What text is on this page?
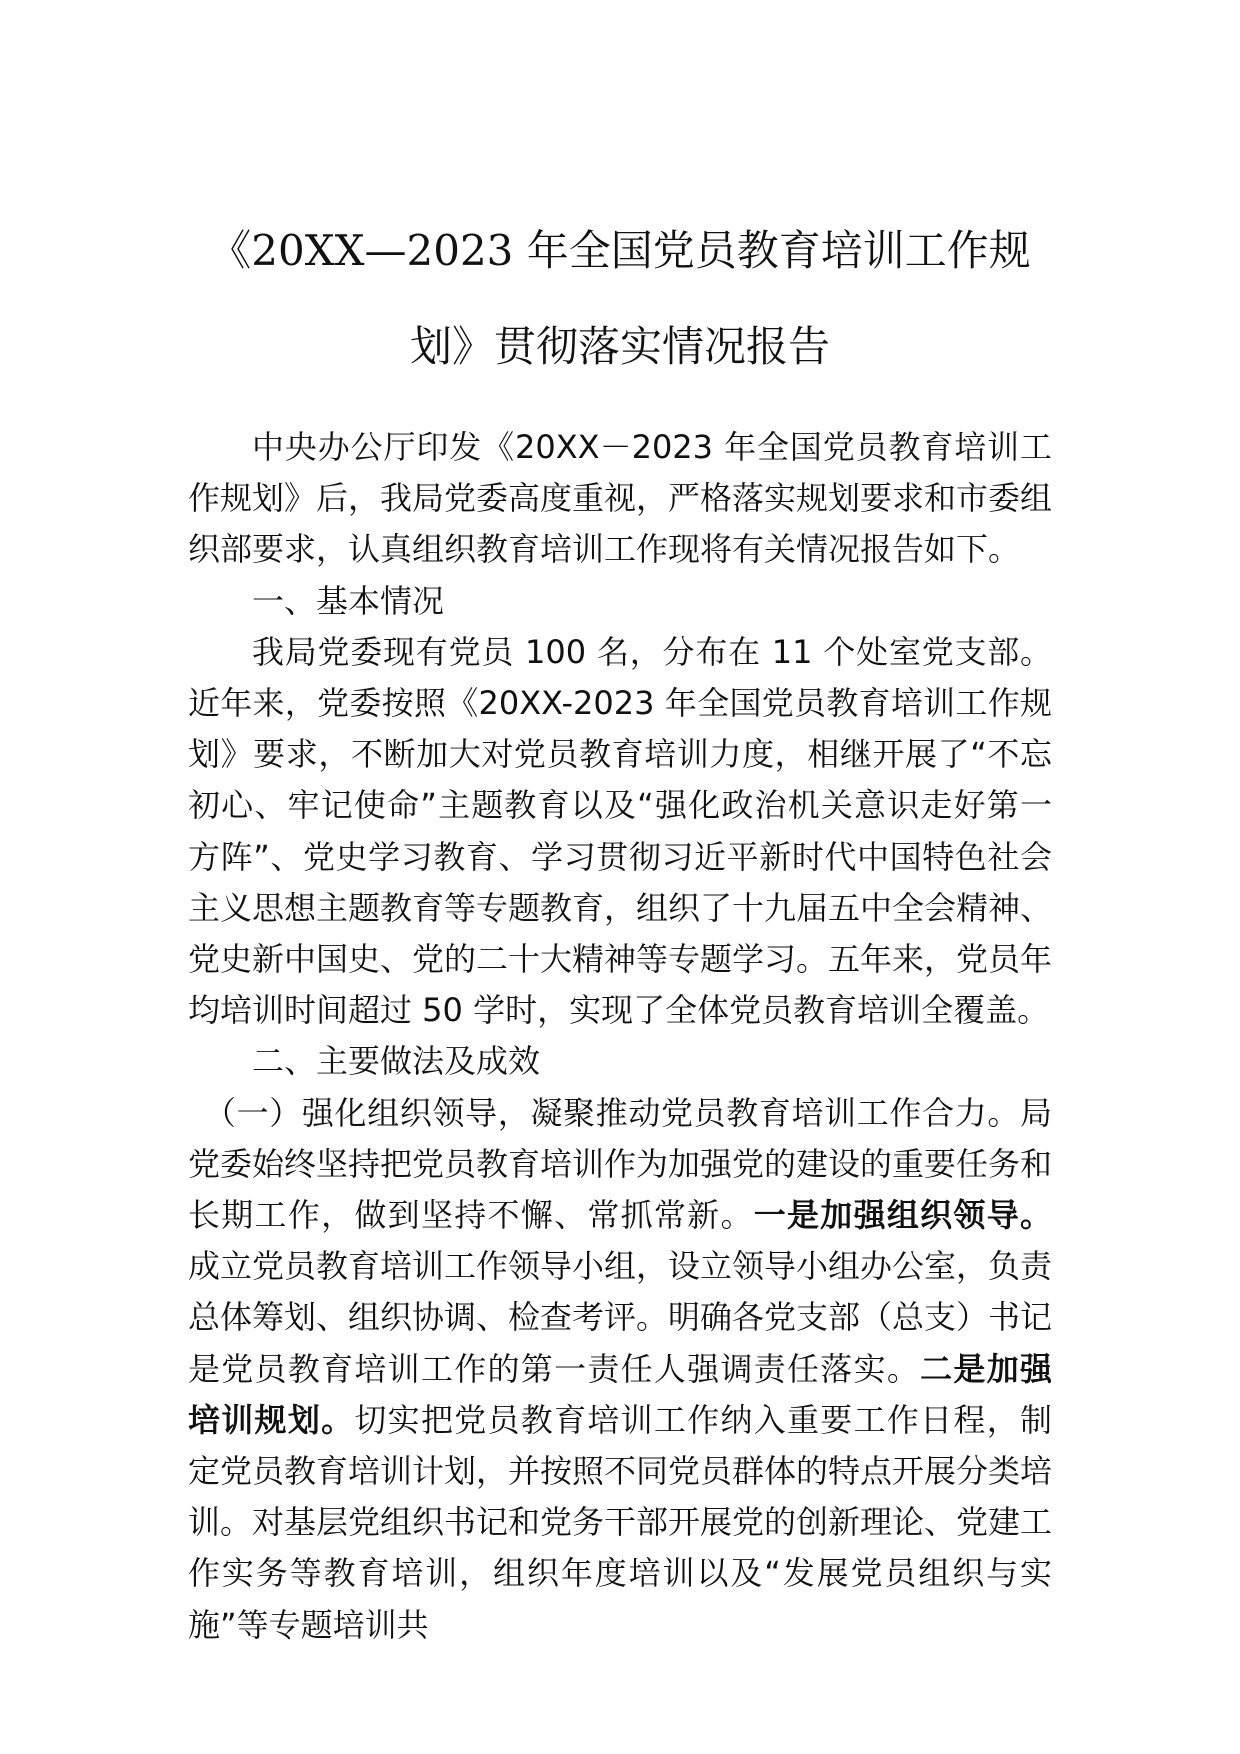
《20XX—2023 年全国党员教育培训工作规
划》贯彻落实情况报告

中央办公厅印发《20XX－2023 年全国党员教育培训工作规划》后，我局党委高度重视，严格落实规划要求和市委组织部要求，认真组织教育培训工作现将有关情况报告如下。

一、基本情况

我局党委现有党员 100 名，分布在 11 个处室党支部。近年来，党委按照《20XX-2023 年全国党员教育培训工作规划》要求，不断加大对党员教育培训力度，相继开展了“不忘初心、牢记使命”主题教育以及“强化政治机关意识走好第一方阵”、党史学习教育、学习贯彻习近平新时代中国特色社会主义思想主题教育等专题教育，组织了十九届五中全会精神、党史新中国史、党的二十大精神等专题学习。五年来，党员年均培训时间超过 50 学时，实现了全体党员教育培训全覆盖。

二、主要做法及成效

（一）强化组织领导，凝聚推动党员教育培训工作合力。局党委始终坚持把党员教育培训作为加强党的建设的重要任务和长期工作，做到坚持不懈、常抓常新。一是加强组织领导。成立党员教育培训工作领导小组，设立领导小组办公室，负责总体筹划、组织协调、检查考评。明确各党支部（总支）书记是党员教育培训工作的第一责任人强调责任落实。二是加强培训规划。切实把党员教育培训工作纳入重要工作日程，制定党员教育培训计划，并按照不同党员群体的特点开展分类培训。对基层党组织书记和党务干部开展党的创新理论、党建工作实务等教育培训，组织年度培训以及“发展党员组织与实施”等专题培训共
